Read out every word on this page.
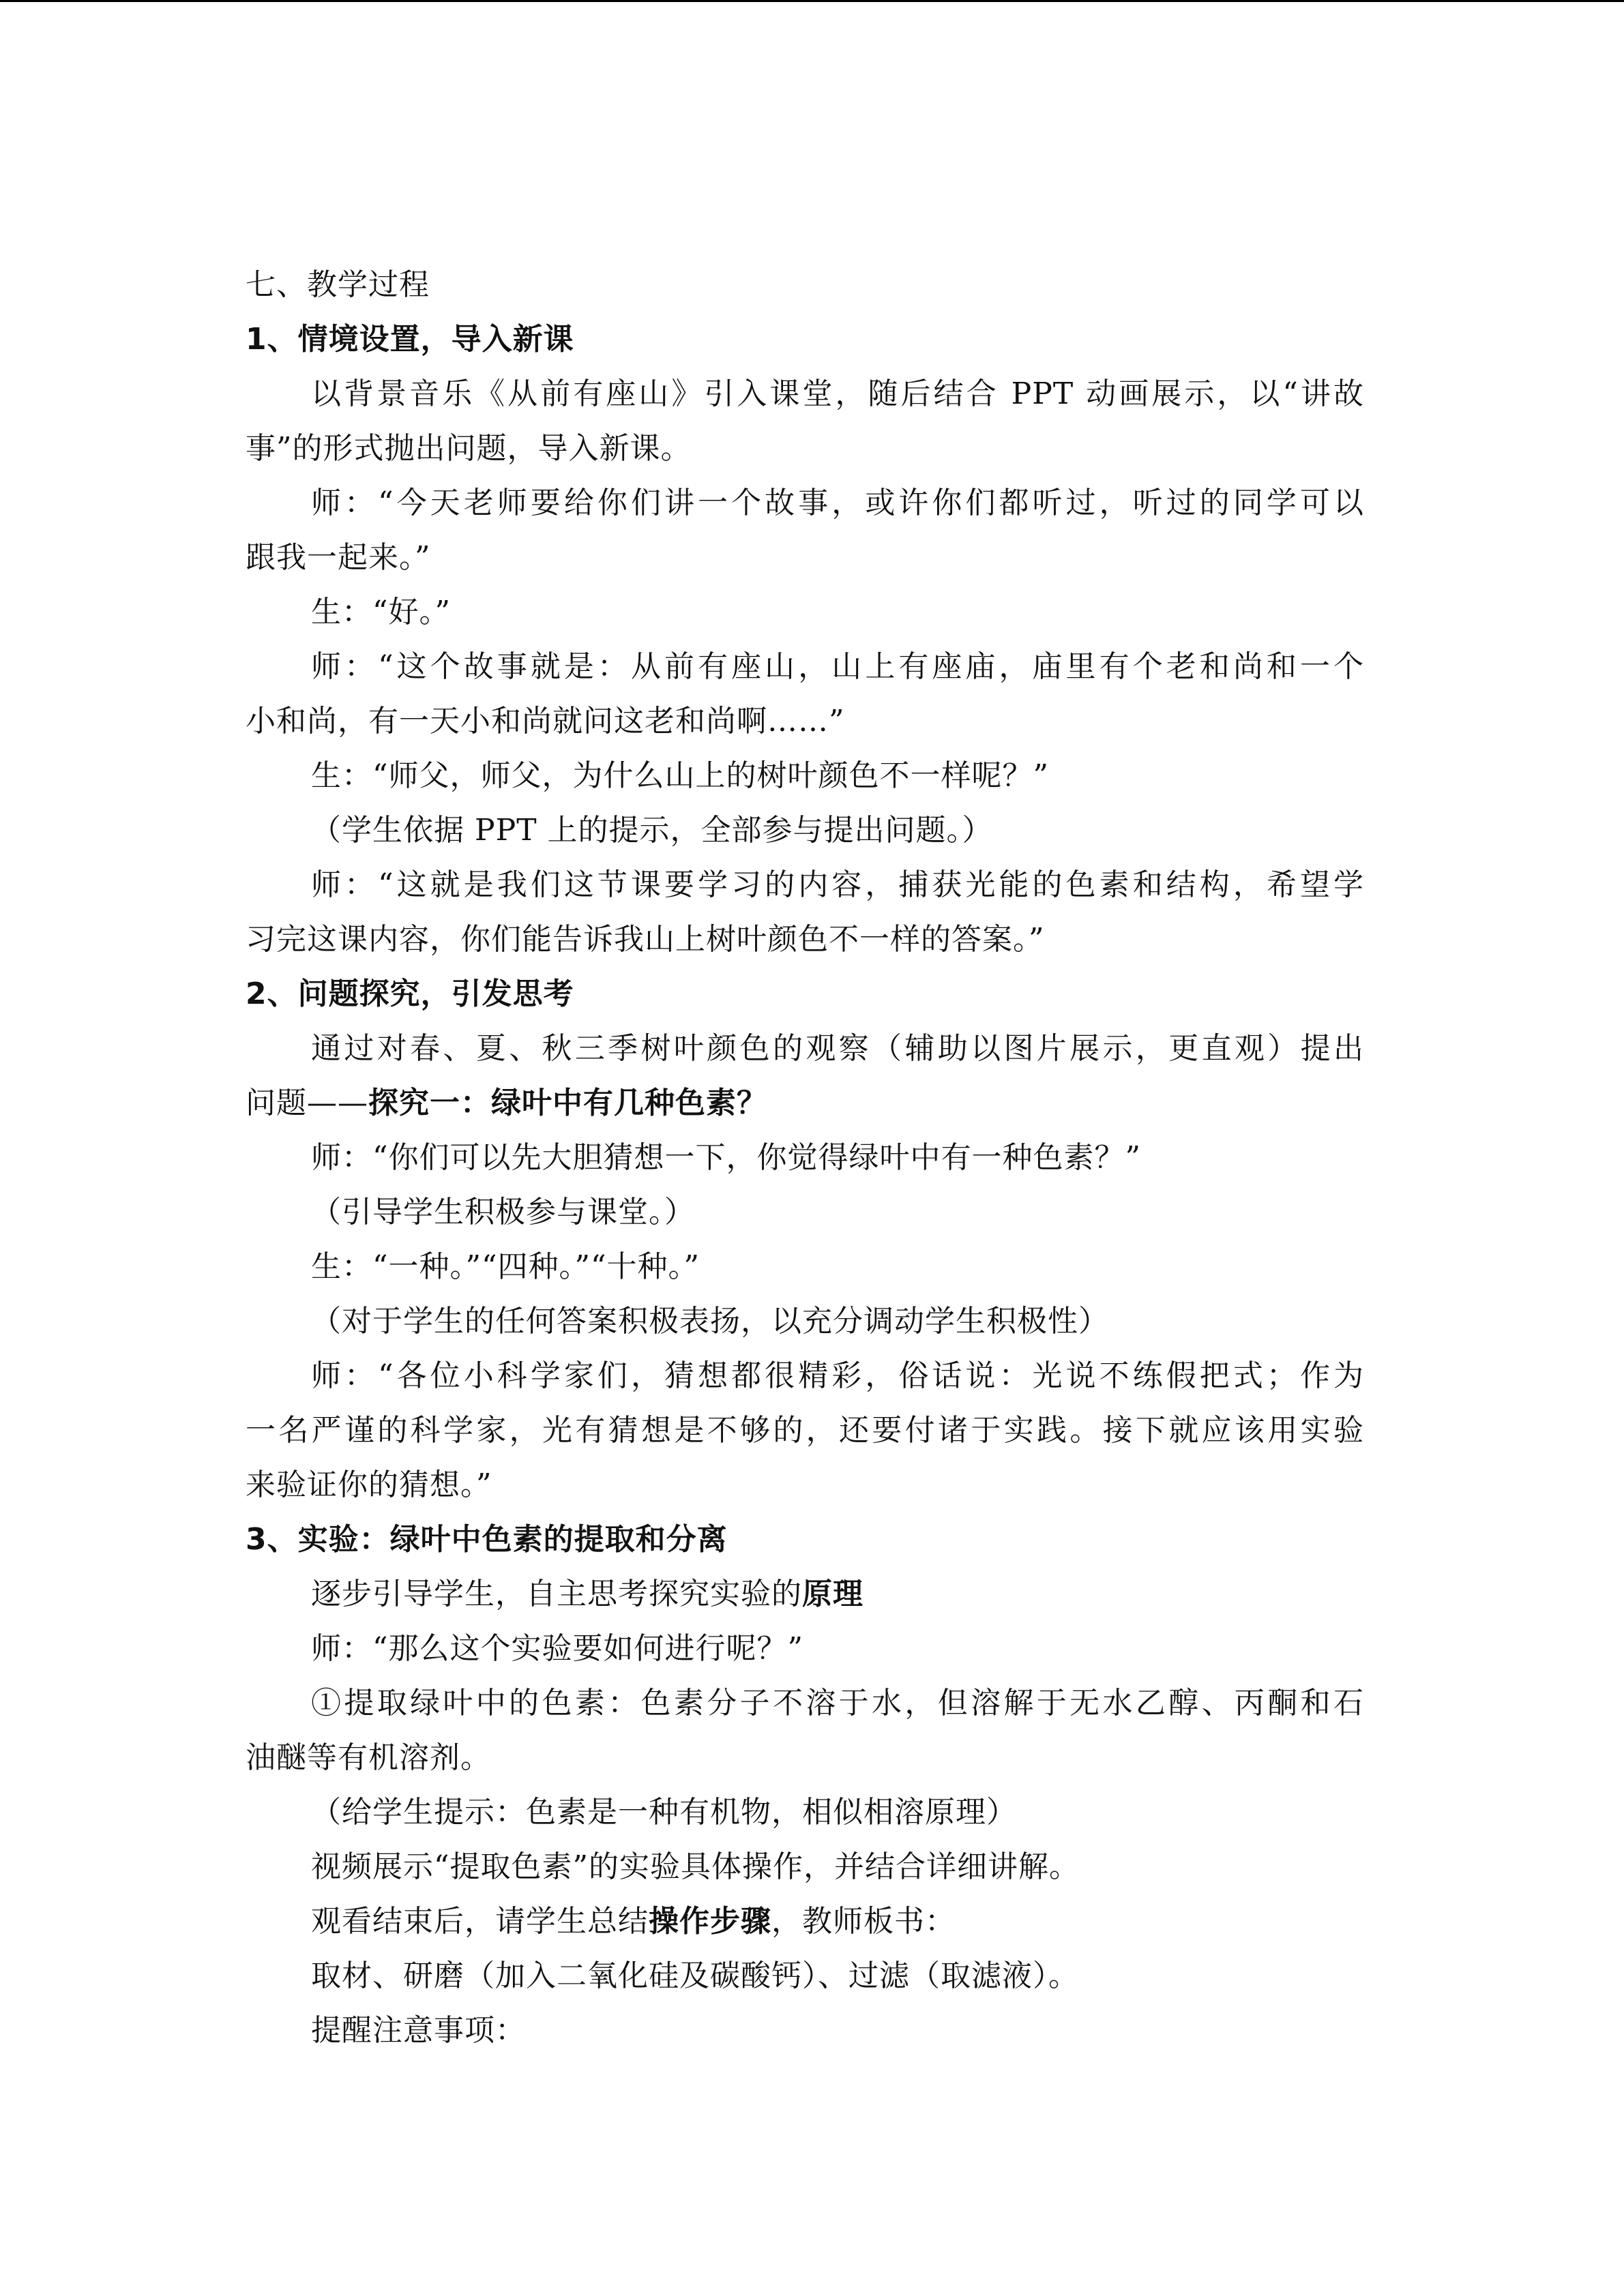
七、教学过程
1、情境设置，导入新课
以背景音乐《从前有座山》引入课堂，随后结合 PPT 动画展示，以“讲故
事”的形式抛出问题，导入新课。
师：“今天老师要给你们讲一个故事，或许你们都听过，听过的同学可以
跟我一起来。”
生：“好。”
师：“这个故事就是：从前有座山，山上有座庙，庙里有个老和尚和一个
小和尚，有一天小和尚就问这老和尚啊……”
生：“师父，师父，为什么山上的树叶颜色不一样呢？”
（学生依据 PPT 上的提示，全部参与提出问题。）
师：“这就是我们这节课要学习的内容，捕获光能的色素和结构，希望学
习完这课内容，你们能告诉我山上树叶颜色不一样的答案。”
2、问题探究，引发思考
通过对春、夏、秋三季树叶颜色的观察（辅助以图片展示，更直观）提出
问题——探究一：绿叶中有几种色素？
师：“你们可以先大胆猜想一下，你觉得绿叶中有一种色素？”
（引导学生积极参与课堂。）
生：“一种。”“四种。”“十种。”
（对于学生的任何答案积极表扬，以充分调动学生积极性）
师：“各位小科学家们，猜想都很精彩，俗话说：光说不练假把式；作为
一名严谨的科学家，光有猜想是不够的，还要付诸于实践。接下就应该用实验
来验证你的猜想。”
3、实验：绿叶中色素的提取和分离
逐步引导学生，自主思考探究实验的原理
师：“那么这个实验要如何进行呢？”
①提取绿叶中的色素：色素分子不溶于水，但溶解于无水乙醇、丙酮和石
油醚等有机溶剂。
（给学生提示：色素是一种有机物，相似相溶原理）
视频展示“提取色素”的实验具体操作，并结合详细讲解。
观看结束后，请学生总结操作步骤，教师板书：
取材、研磨（加入二氧化硅及碳酸钙）、过滤（取滤液）。
提醒注意事项：
